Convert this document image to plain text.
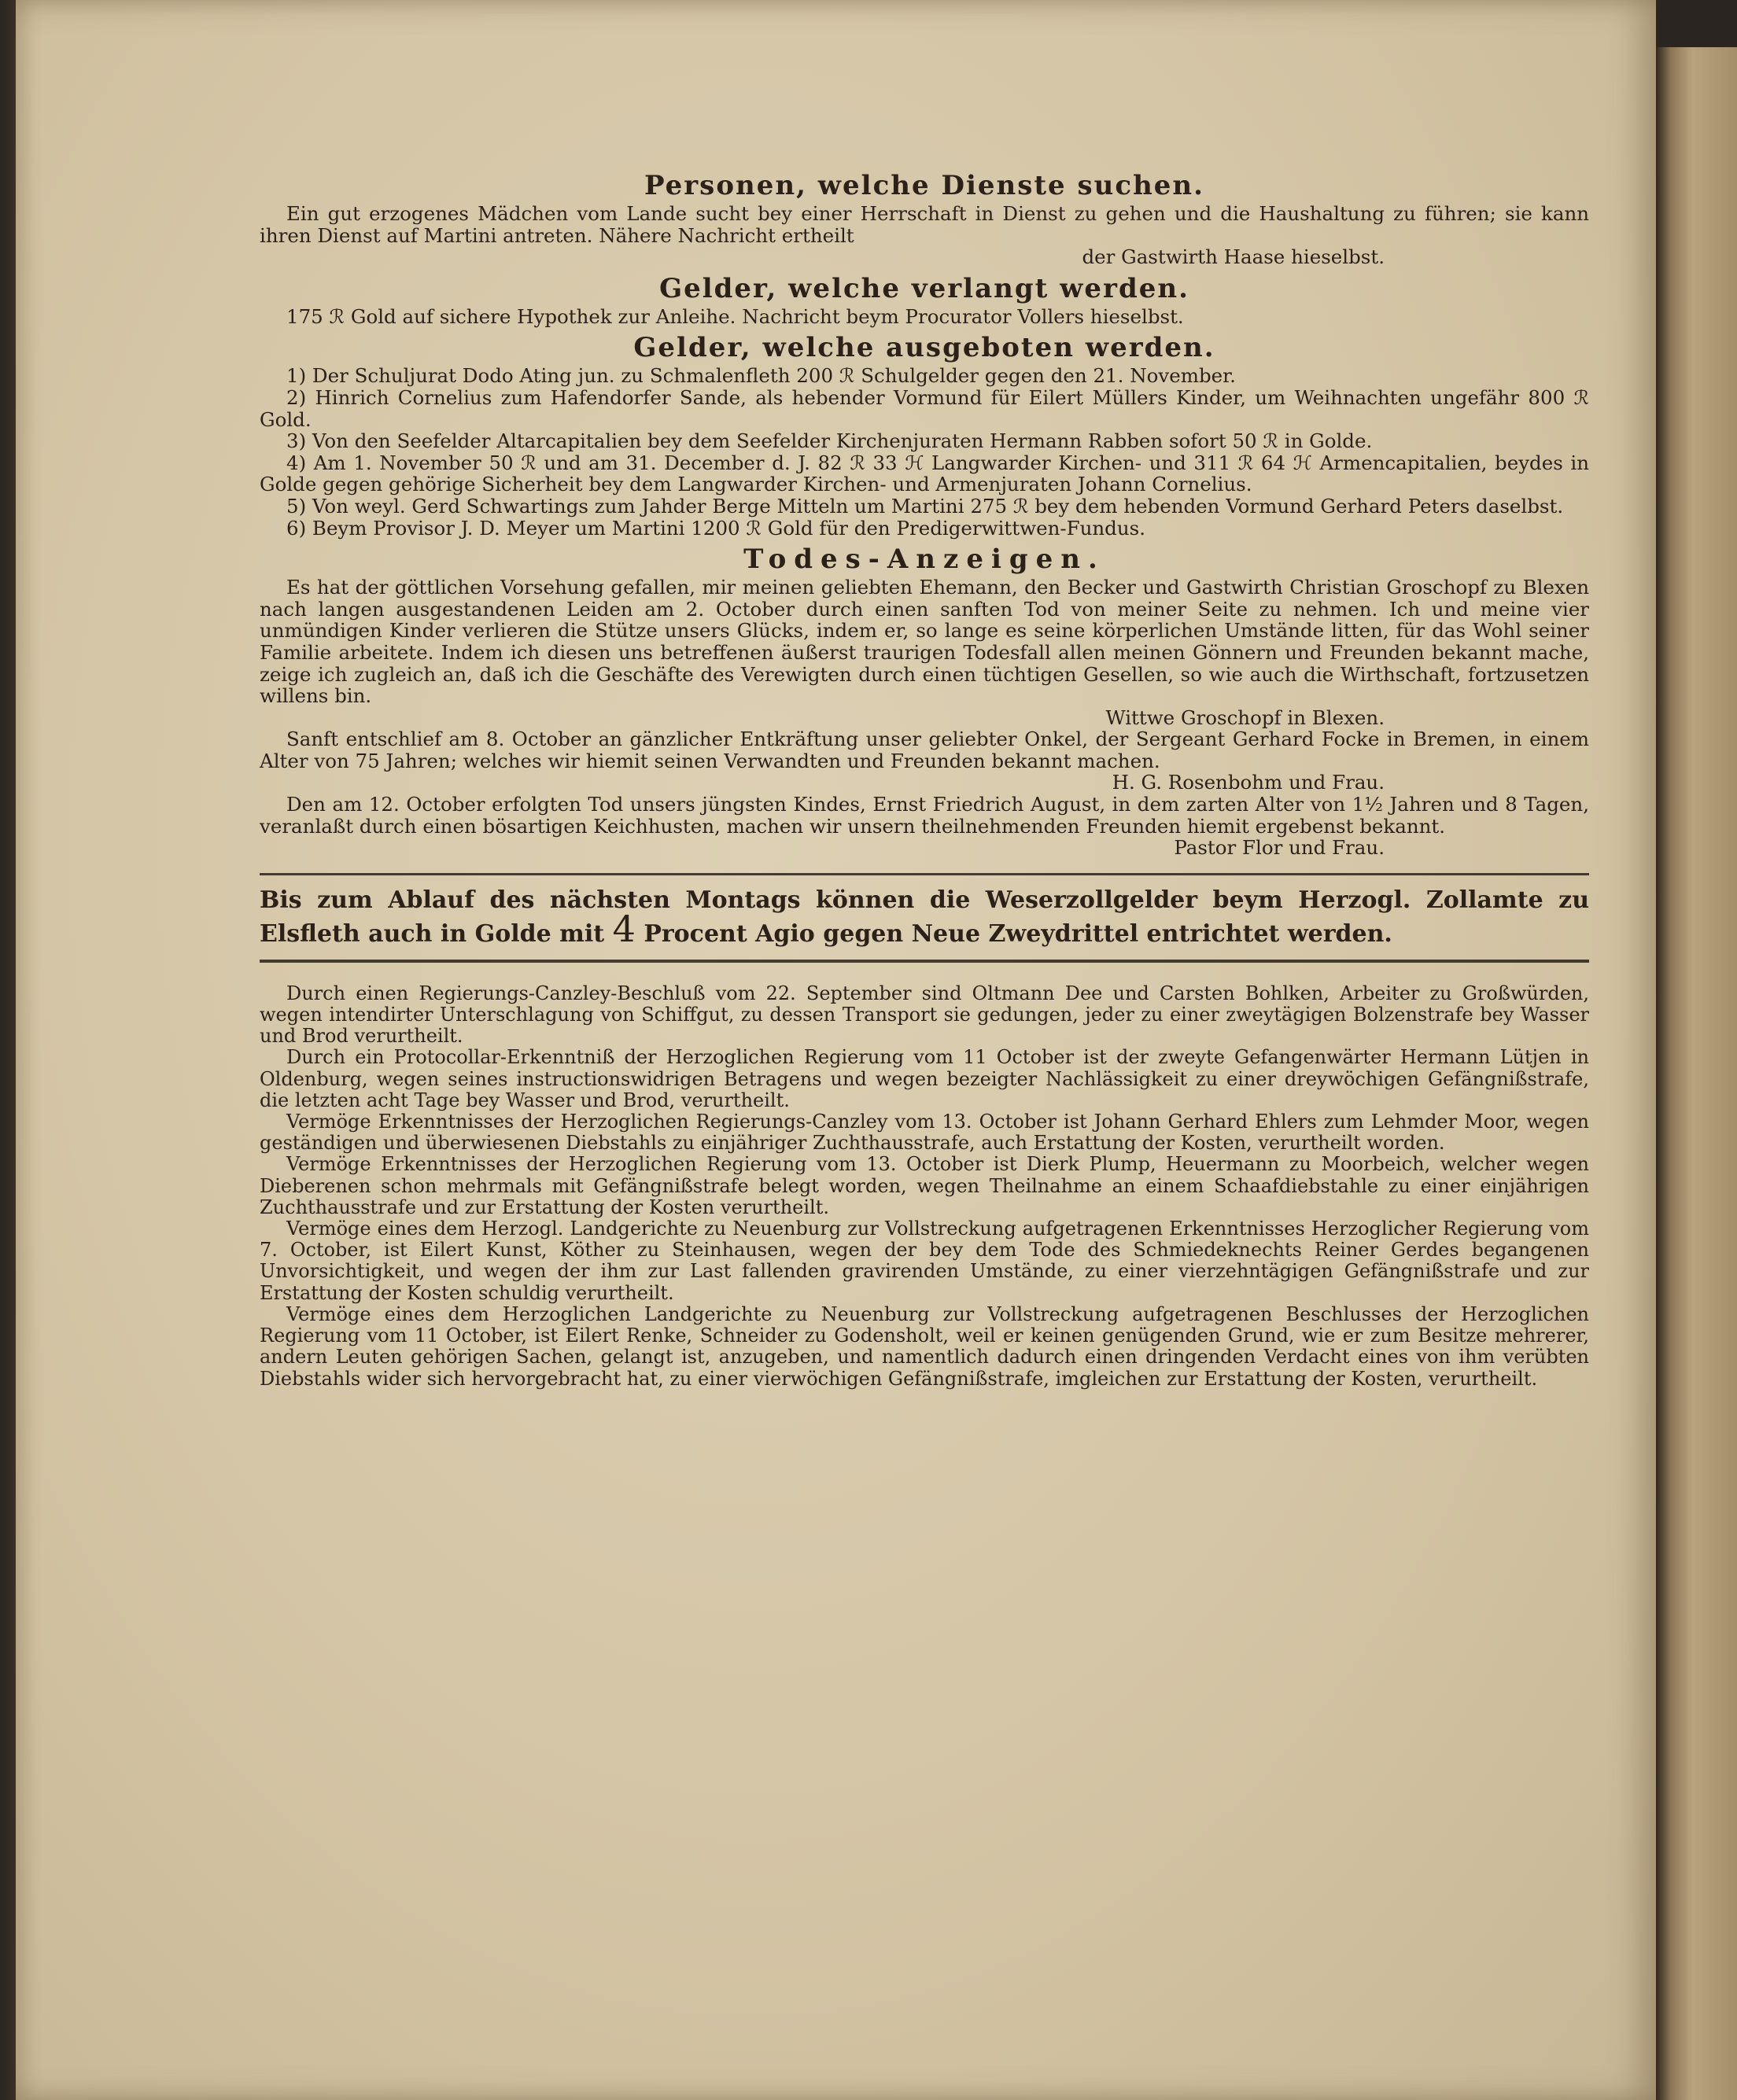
Personen, welche Dienste suchen.

Ein gut erzogenes Mädchen vom Lande sucht bey einer Herrschaft in Dienst zu gehen und die Haushaltung zu führen; sie kann ihren Dienst auf Martini antreten. Nähere Nachricht ertheilt

der Gastwirth Haase hieselbst.

Gelder, welche verlangt werden.

175 ℛ Gold auf sichere Hypothek zur Anleihe. Nachricht beym Procurator Vollers hieselbst.

Gelder, welche ausgeboten werden.

1) Der Schuljurat Dodo Ating jun. zu Schmalenfleth 200 ℛ Schulgelder gegen den 21. November.

2) Hinrich Cornelius zum Hafendorfer Sande, als hebender Vormund für Eilert Müllers Kinder, um Weihnachten ungefähr 800 ℛ Gold.

3) Von den Seefelder Altarcapitalien bey dem Seefelder Kirchenjuraten Hermann Rabben sofort 50 ℛ in Golde.

4) Am 1. November 50 ℛ und am 31. December d. J. 82 ℛ 33 ℋ Langwarder Kirchen- und 311 ℛ 64 ℋ Armencapitalien, beydes in Golde gegen gehörige Sicherheit bey dem Langwarder Kirchen- und Armenjuraten Johann Cornelius.

5) Von weyl. Gerd Schwartings zum Jahder Berge Mitteln um Martini 275 ℛ bey dem hebenden Vormund Gerhard Peters daselbst.

6) Beym Provisor J. D. Meyer um Martini 1200 ℛ Gold für den Predigerwittwen-Fundus.

Todes-Anzeigen.

Es hat der göttlichen Vorsehung gefallen, mir meinen geliebten Ehemann, den Becker und Gastwirth Christian Groschopf zu Blexen nach langen ausgestandenen Leiden am 2. October durch einen sanften Tod von meiner Seite zu nehmen. Ich und meine vier unmündigen Kinder verlieren die Stütze unsers Glücks, indem er, so lange es seine körperlichen Umstände litten, für das Wohl seiner Familie arbeitete. Indem ich diesen uns betreffenen äußerst traurigen Todesfall allen meinen Gönnern und Freunden bekannt mache, zeige ich zugleich an, daß ich die Geschäfte des Verewigten durch einen tüchtigen Gesellen, so wie auch die Wirthschaft, fortzusetzen willens bin.

Wittwe Groschopf in Blexen.

Sanft entschlief am 8. October an gänzlicher Entkräftung unser geliebter Onkel, der Sergeant Gerhard Focke in Bremen, in einem Alter von 75 Jahren; welches wir hiemit seinen Verwandten und Freunden bekannt machen.

H. G. Rosenbohm und Frau.

Den am 12. October erfolgten Tod unsers jüngsten Kindes, Ernst Friedrich August, in dem zarten Alter von 1½ Jahren und 8 Tagen, veranlaßt durch einen bösartigen Keichhusten, machen wir unsern theilnehmenden Freunden hiemit ergebenst bekannt.

Pastor Flor und Frau.

Bis zum Ablauf des nächsten Montags können die Weserzollgelder beym Herzogl. Zollamte zu Elsfleth auch in Golde mit 4 Procent Agio gegen Neue Zweydrittel entrichtet werden.

Durch einen Regierungs-Canzley-Beschluß vom 22. September sind Oltmann Dee und Carsten Bohlken, Arbeiter zu Großwürden, wegen intendirter Unterschlagung von Schiffgut, zu dessen Transport sie gedungen, jeder zu einer zweytägigen Bolzenstrafe bey Wasser und Brod verurtheilt.

Durch ein Protocollar-Erkenntniß der Herzoglichen Regierung vom 11 October ist der zweyte Gefangenwärter Hermann Lütjen in Oldenburg, wegen seines instructionswidrigen Betragens und wegen bezeigter Nachlässigkeit zu einer dreywöchigen Gefängnißstrafe, die letzten acht Tage bey Wasser und Brod, verurtheilt.

Vermöge Erkenntnisses der Herzoglichen Regierungs-Canzley vom 13. October ist Johann Gerhard Ehlers zum Lehmder Moor, wegen geständigen und überwiesenen Diebstahls zu einjähriger Zuchthausstrafe, auch Erstattung der Kosten, verurtheilt worden.

Vermöge Erkenntnisses der Herzoglichen Regierung vom 13. October ist Dierk Plump, Heuermann zu Moorbeich, welcher wegen Dieberenen schon mehrmals mit Gefängnißstrafe belegt worden, wegen Theilnahme an einem Schaafdiebstahle zu einer einjährigen Zuchthausstrafe und zur Erstattung der Kosten verurtheilt.

Vermöge eines dem Herzogl. Landgerichte zu Neuenburg zur Vollstreckung aufgetragenen Erkenntnisses Herzoglicher Regierung vom 7. October, ist Eilert Kunst, Köther zu Steinhausen, wegen der bey dem Tode des Schmiedeknechts Reiner Gerdes begangenen Unvorsichtigkeit, und wegen der ihm zur Last fallenden gravirenden Umstände, zu einer vierzehntägigen Gefängnißstrafe und zur Erstattung der Kosten schuldig verurtheilt.

Vermöge eines dem Herzoglichen Landgerichte zu Neuenburg zur Vollstreckung aufgetragenen Beschlusses der Herzoglichen Regierung vom 11 October, ist Eilert Renke, Schneider zu Godensholt, weil er keinen genügenden Grund, wie er zum Besitze mehrerer, andern Leuten gehörigen Sachen, gelangt ist, anzugeben, und namentlich dadurch einen dringenden Verdacht eines von ihm verübten Diebstahls wider sich hervorgebracht hat, zu einer vierwöchigen Gefängnißstrafe, imgleichen zur Erstattung der Kosten, verurtheilt.
